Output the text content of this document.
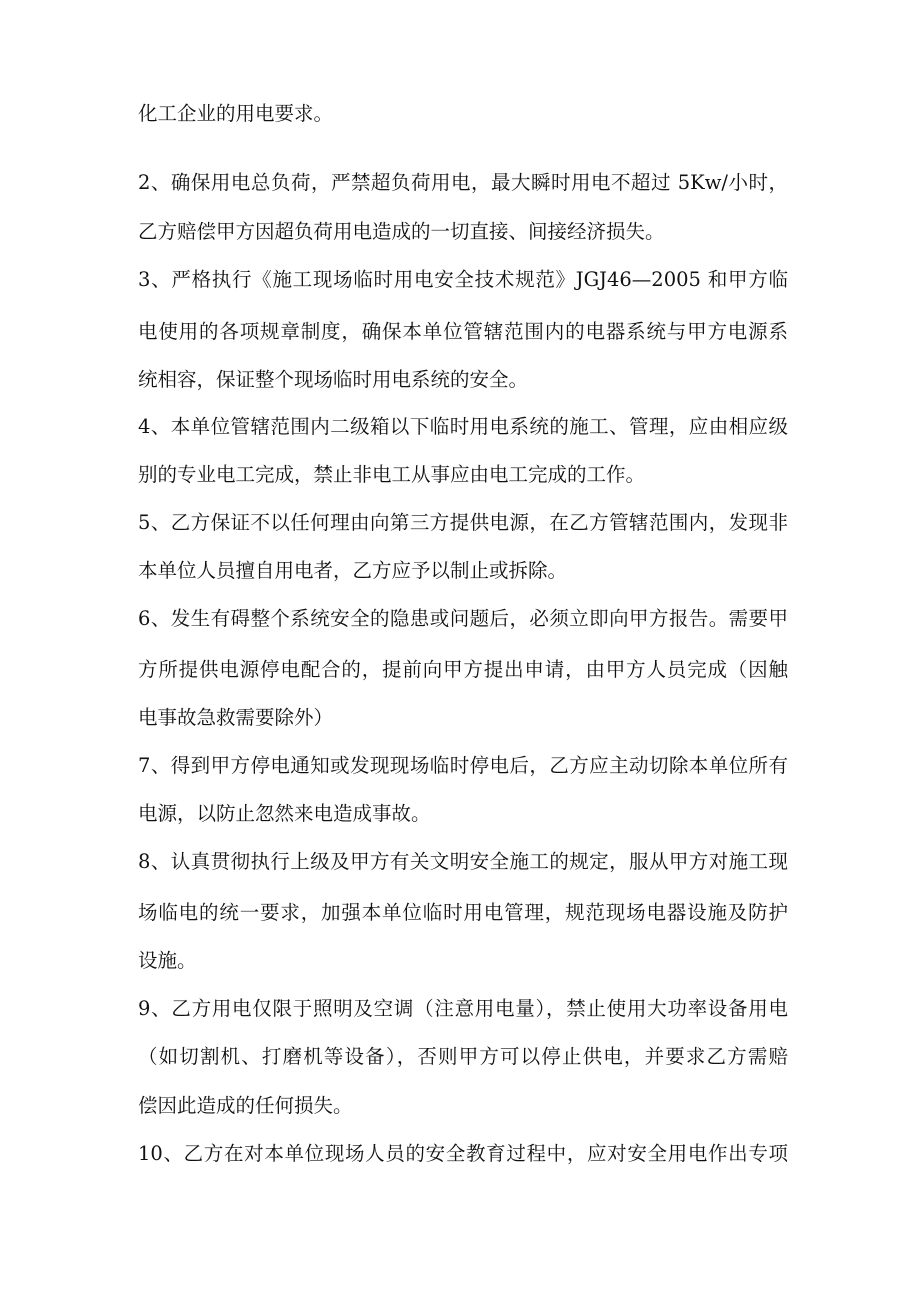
化工企业的用电要求。
2、确保用电总负荷，严禁超负荷用电，最大瞬时用电不超过 5Kw/小时，
乙方赔偿甲方因超负荷用电造成的一切直接、间接经济损失。
3、严格执行《施工现场临时用电安全技术规范》JGJ46—2005 和甲方临
电使用的各项规章制度，确保本单位管辖范围内的电器系统与甲方电源系
统相容，保证整个现场临时用电系统的安全。
4、本单位管辖范围内二级箱以下临时用电系统的施工、管理，应由相应级
别的专业电工完成，禁止非电工从事应由电工完成的工作。
5、乙方保证不以任何理由向第三方提供电源，在乙方管辖范围内，发现非
本单位人员擅自用电者，乙方应予以制止或拆除。
6、发生有碍整个系统安全的隐患或问题后，必须立即向甲方报告。需要甲
方所提供电源停电配合的，提前向甲方提出申请，由甲方人员完成（因触
电事故急救需要除外）
7、得到甲方停电通知或发现现场临时停电后，乙方应主动切除本单位所有
电源，以防止忽然来电造成事故。
8、认真贯彻执行上级及甲方有关文明安全施工的规定，服从甲方对施工现
场临电的统一要求，加强本单位临时用电管理，规范现场电器设施及防护
设施。
9、乙方用电仅限于照明及空调（注意用电量），禁止使用大功率设备用电
（如切割机、打磨机等设备），否则甲方可以停止供电，并要求乙方需赔
偿因此造成的任何损失。
10、乙方在对本单位现场人员的安全教育过程中，应对安全用电作出专项
